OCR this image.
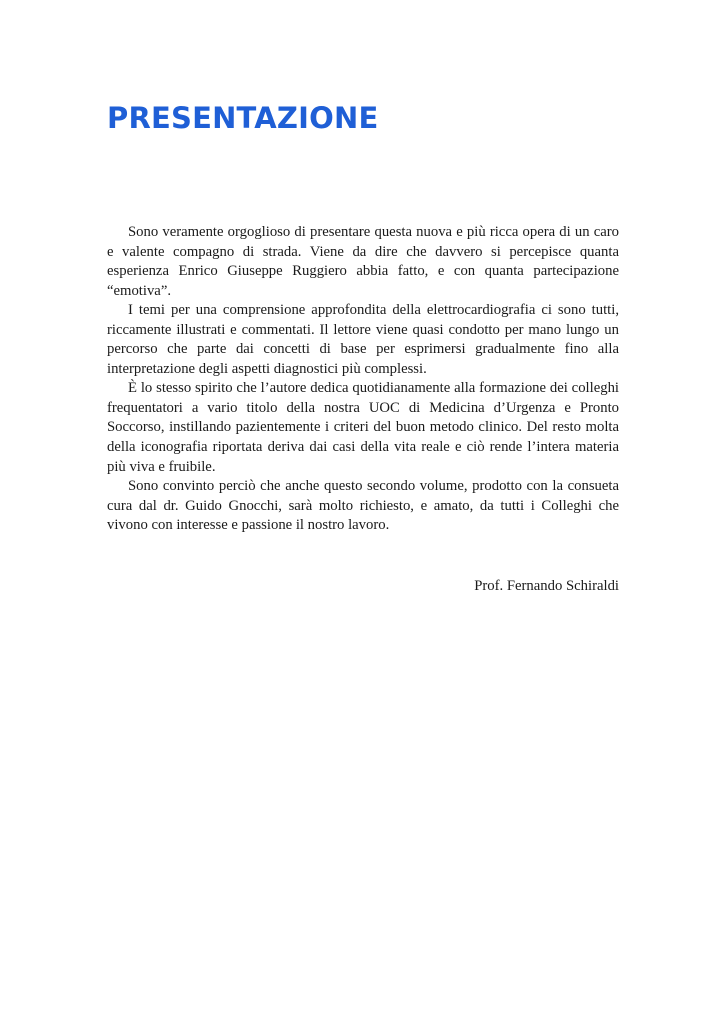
PRESENTAZIONE

Sono veramente orgoglioso di presentare questa nuova e più ricca opera di un caro e valente compagno di strada. Viene da dire che davvero si percepisce quanta esperienza Enrico Giuseppe Ruggiero abbia fatto, e con quanta partecipazione “emotiva”.

I temi per una comprensione approfondita della elettrocardiografia ci sono tutti, riccamente illustrati e commentati. Il lettore viene quasi condotto per mano lungo un percorso che parte dai concetti di base per esprimersi gradualmente fino alla interpretazione degli aspetti diagnostici più complessi.

È lo stesso spirito che l’autore dedica quotidianamente alla formazione dei colleghi frequentatori a vario titolo della nostra UOC di Medicina d’Urgenza e Pronto Soccorso, instillando pazientemente i criteri del buon metodo clinico. Del resto molta della iconografia riportata deriva dai casi della vita reale e ciò rende l’intera materia più viva e fruibile.

Sono convinto perciò che anche questo secondo volume, prodotto con la consueta cura dal dr. Guido Gnocchi, sarà molto richiesto, e amato, da tutti i Colleghi che vivono con interesse e passione il nostro lavoro.

Prof. Fernando Schiraldi
